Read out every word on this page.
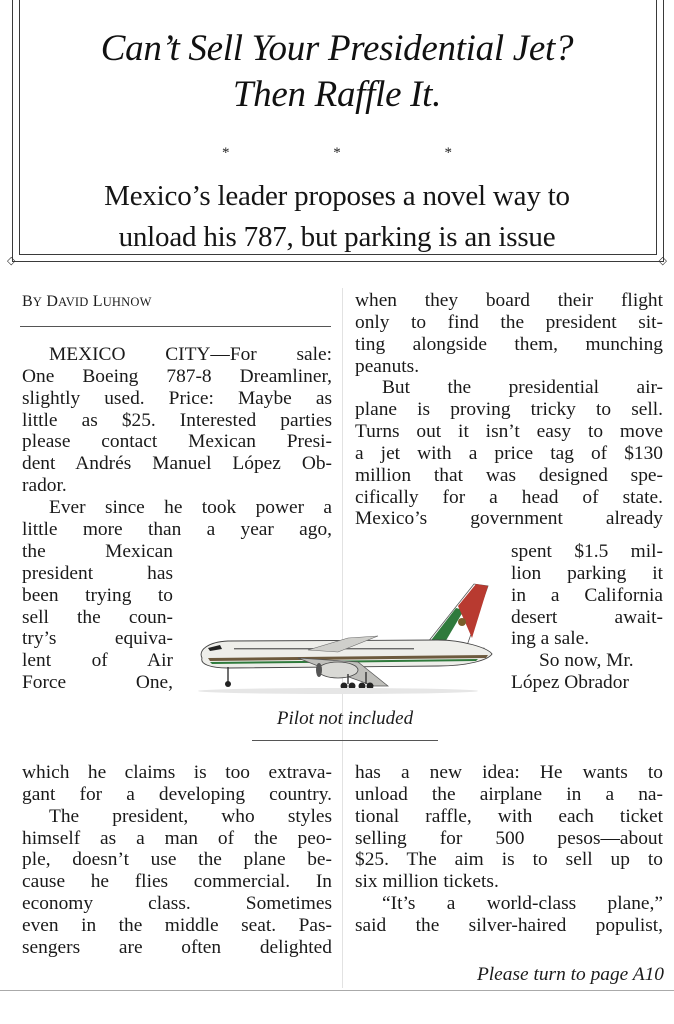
◇	◇
Can’t Sell Your Presidential Jet?
Then Raffle It.
* * *
Mexico’s leader proposes a novel way to
unload his 787, but parking is an issue
BY DAVID LUHNOW

MEXICO CITY—For sale:

One Boeing 787-8 Dreamliner,

slightly used. Price: Maybe as

little as $25. Interested parties

please contact Mexican Presi-

dent Andrés Manuel López Ob-

rador.

Ever since he took power a

little more than a year ago,

the Mexican

president has

been trying to

sell the coun-

try’s equiva-

lent of Air

Force One,

which he claims is too extrava-

gant for a developing country.

The president, who styles

himself as a man of the peo-

ple, doesn’t use the plane be-

cause he flies commercial. In

economy class. Sometimes

even in the middle seat. Pas-

sengers are often delighted

when they board their flight

only to find the president sit-

ting alongside them, munching

peanuts.

But the presidential air-

plane is proving tricky to sell.

Turns out it isn’t easy to move

a jet with a price tag of $130

million that was designed spe-

cifically for a head of state.

Mexico’s government already

spent $1.5 mil-

lion parking it

in a California

desert await-

ing a sale.

So now, Mr.

López Obrador

has a new idea: He wants to

unload the airplane in a na-

tional raffle, with each ticket

selling for 500 pesos—about

$25. The aim is to sell up to

six million tickets.

“It’s a world-class plane,”

said the silver-haired populist,

Please turn to page A10
Pilot not included
